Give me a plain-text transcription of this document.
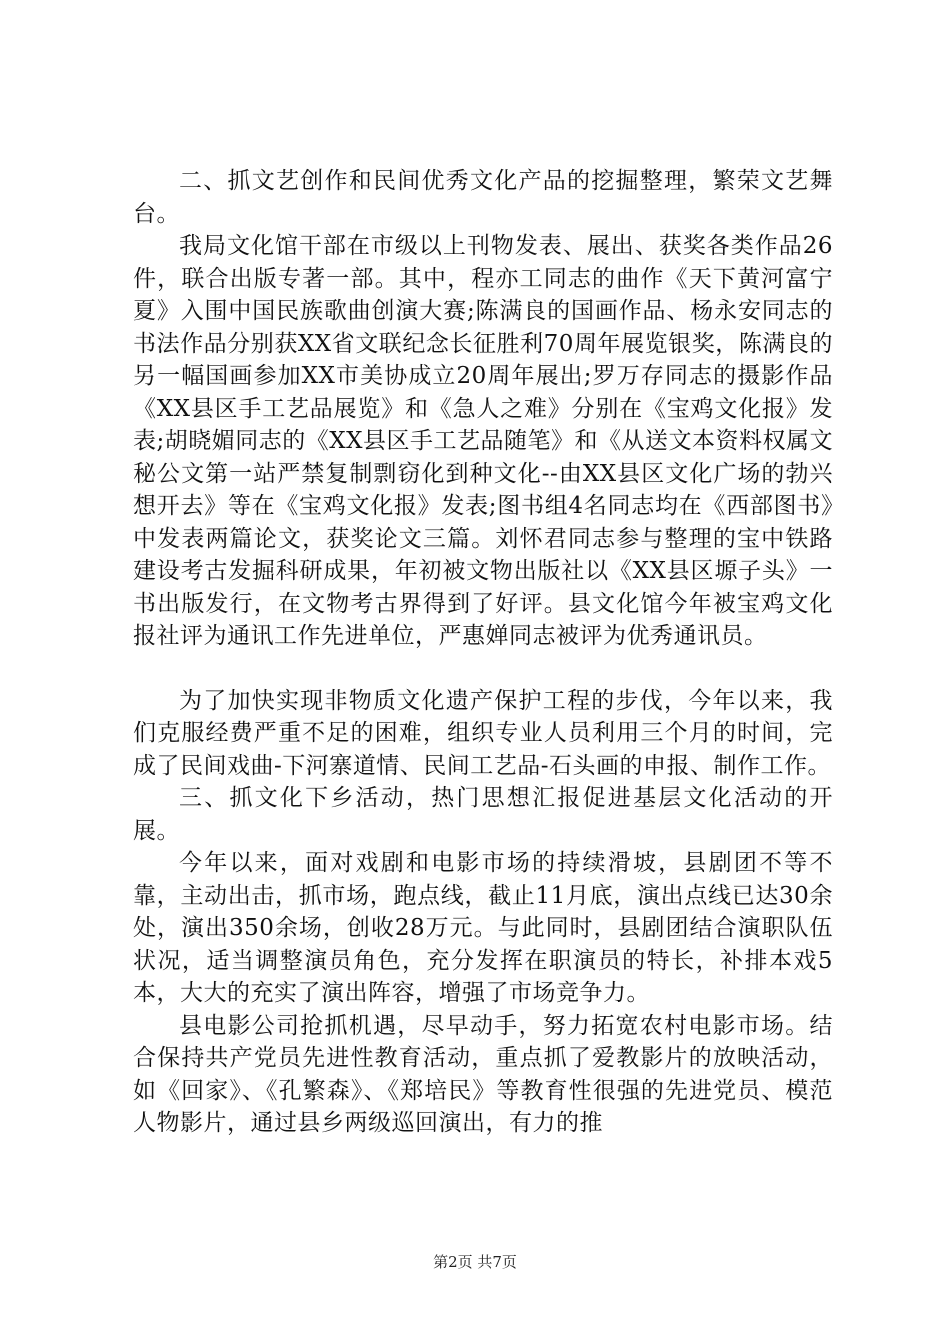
二、抓文艺创作和民间优秀文化产品的挖掘整理，繁荣文艺舞台。

我局文化馆干部在市级以上刊物发表、展出、获奖各类作品26件，联合出版专著一部。其中，程亦工同志的曲作《天下黄河富宁夏》入围中国民族歌曲创演大赛;陈满良的国画作品、杨永安同志的书法作品分别获XX省文联纪念长征胜利70周年展览银奖，陈满良的另一幅国画参加XX市美协成立20周年展出;罗万存同志的摄影作品《XX县区手工艺品展览》和《急人之难》分别在《宝鸡文化报》发表;胡晓媚同志的《XX县区手工艺品随笔》和《从送文本资料权属文秘公文第一站严禁复制剽窃化到种文化--由XX县区文化广场的勃兴想开去》等在《宝鸡文化报》发表;图书组4名同志均在《西部图书》中发表两篇论文，获奖论文三篇。刘怀君同志参与整理的宝中铁路建设考古发掘科研成果，年初被文物出版社以《XX县区塬子头》一书出版发行，在文物考古界得到了好评。县文化馆今年被宝鸡文化报社评为通讯工作先进单位，严惠婵同志被评为优秀通讯员。

为了加快实现非物质文化遗产保护工程的步伐，今年以来，我们克服经费严重不足的困难，组织专业人员利用三个月的时间，完成了民间戏曲-下河寨道情、民间工艺品-石头画的申报、制作工作。

三、抓文化下乡活动，热门思想汇报促进基层文化活动的开展。

今年以来，面对戏剧和电影市场的持续滑坡，县剧团不等不靠，主动出击，抓市场，跑点线，截止11月底，演出点线已达30余处，演出350余场，创收28万元。与此同时，县剧团结合演职队伍状况，适当调整演员角色，充分发挥在职演员的特长，补排本戏5本，大大的充实了演出阵容，增强了市场竞争力。

县电影公司抢抓机遇，尽早动手，努力拓宽农村电影市场。结合保持共产党员先进性教育活动，重点抓了爱教影片的放映活动，如《回家》、《孔繁森》、《郑培民》等教育性很强的先进党员、模范人物影片，通过县乡两级巡回演出，有力的推

第2页 共7页
